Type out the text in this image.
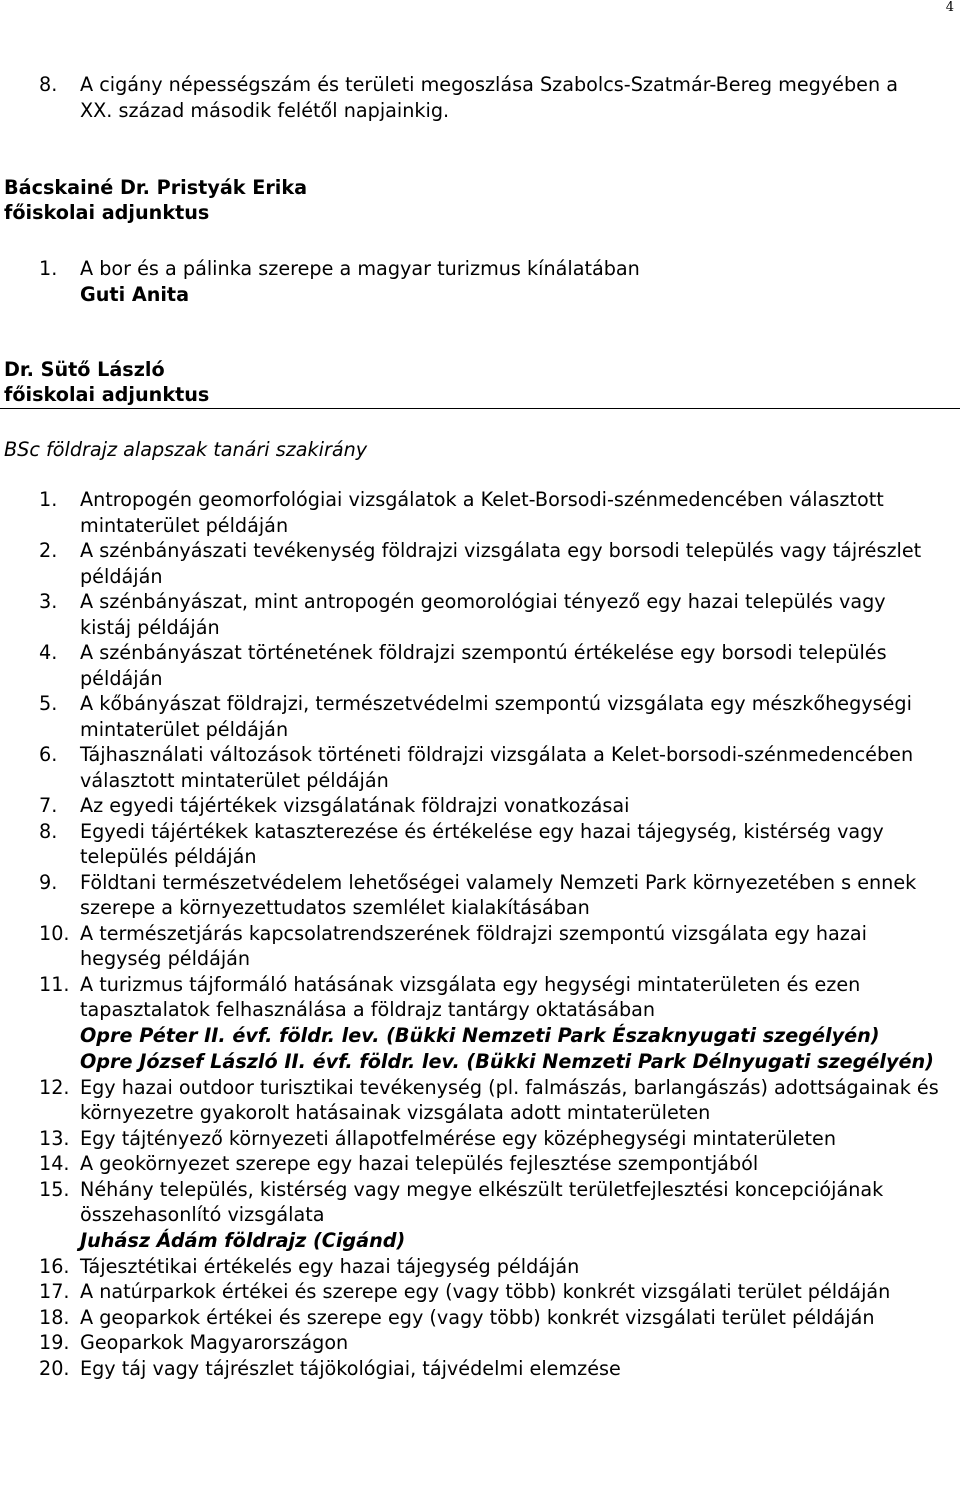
4
8. A cigány népességszám és területi megoszlása Szabolcs-Szatmár-Bereg megyében a XX. század második felétől napjainkig.
Bácskainé Dr. Pristyák Erika
főiskolai adjunktus
1. A bor és a pálinka szerepe a magyar turizmus kínálatában
Guti Anita
Dr. Sütő László
főiskolai adjunktus
BSc földrajz alapszak tanári szakirány
1. Antropogén geomorfológiai vizsgálatok a Kelet-Borsodi-szénmedencében választott mintaterület példáján
2. A szénbányászati tevékenység földrajzi vizsgálata egy borsodi település vagy tájrészlet példáján
3. A szénbányászat, mint antropogén geomorológiai tényező egy hazai település vagy kistáj példáján
4. A szénbányászat történetének földrajzi szempontú értékelése egy borsodi település példáján
5. A kőbányászat földrajzi, természetvédelmi szempontú vizsgálata egy mészkőhegységi mintaterület példáján
6. Tájhasználati változások történeti földrajzi vizsgálata a Kelet-borsodi-szénmedencében választott mintaterület példáján
7. Az egyedi tájértékek vizsgálatának földrajzi vonatkozásai
8. Egyedi tájértékek kataszterezése és értékelése egy hazai tájegység, kistérség vagy település példáján
9. Földtani természetvédelem lehetőségei valamely Nemzeti Park környezetében s ennek szerepe a környezettudatos szemlélet kialakításában
10. A természetjárás kapcsolatrendszerének földrajzi szempontú vizsgálata egy hazai hegység példáján
11. A turizmus tájformáló hatásának vizsgálata egy hegységi mintaterületen és ezen tapasztalatok felhasználása a földrajz tantárgy oktatásában
Opre Péter II. évf. földr. lev. (Bükki Nemzeti Park Északnyugati szegélyén)
Opre József László II. évf. földr. lev. (Bükki Nemzeti Park Délnyugati szegélyén)
12. Egy hazai outdoor turisztikai tevékenység (pl. falmászás, barlangászás) adottságainak és környezetre gyakorolt hatásainak vizsgálata adott mintaterületen
13. Egy tájtényező környezeti állapotfelmérése egy középhegységi mintaterületen
14. A geokörnyezet szerepe egy hazai település fejlesztése szempontjából
15. Néhány település, kistérség vagy megye elkészült területfejlesztési koncepciójának összehasonlító vizsgálata
Juhász Ádám földrajz (Cigánd)
16. Tájesztétikai értékelés egy hazai tájegység példáján
17. A natúrparkok értékei és szerepe egy (vagy több) konkrét vizsgálati terület példáján
18. A geoparkok értékei és szerepe egy (vagy több) konkrét vizsgálati terület példáján
19. Geoparkok Magyarországon
20. Egy táj vagy tájrészlet tájökológiai, tájvédelmi elemzése
